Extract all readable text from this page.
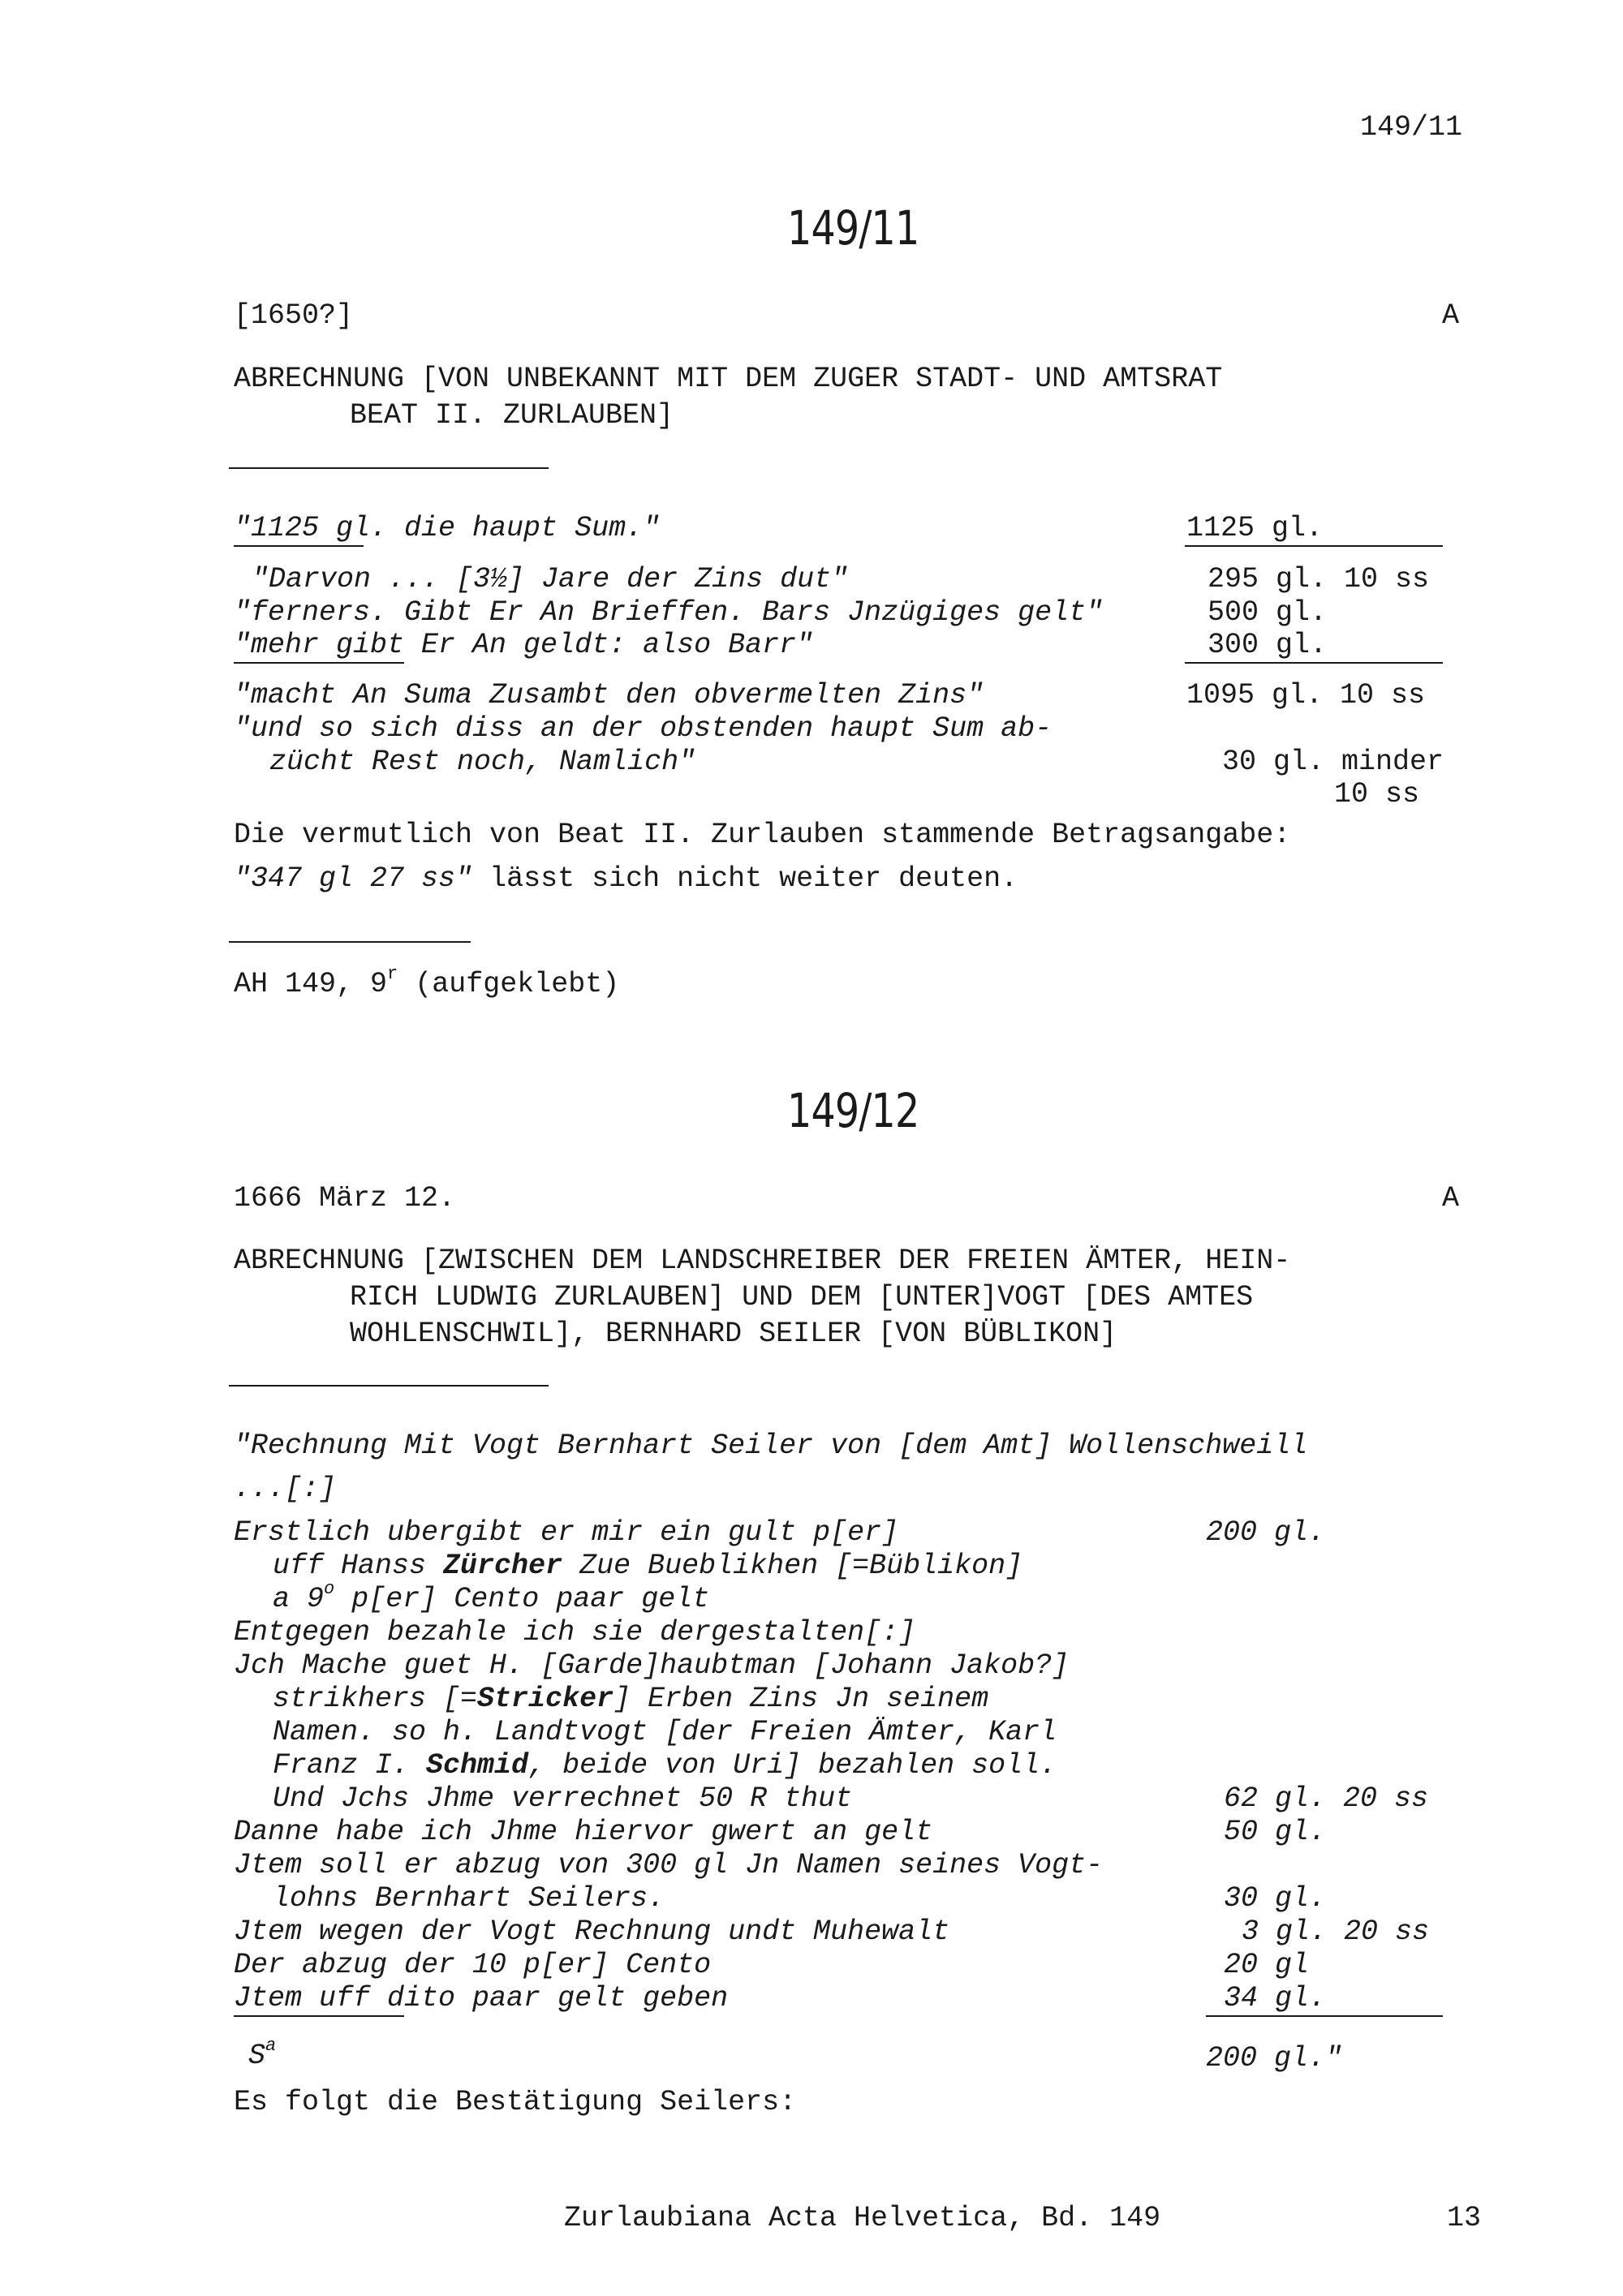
149/11
149/11
[1650?]	A
ABRECHNUNG [VON UNBEKANNT MIT DEM ZUGER STADT- UND AMTSRAT
BEAT II. ZURLAUBEN]
"1125 gl. die haupt Sum."	1125 gl.
"Darvon ... [3½] Jare der Zins dut"	295 gl. 10 ss
"ferners. Gibt Er An Brieffen. Bars Jnzügiges gelt"	500 gl.
"mehr gibt Er An geldt: also Barr"	300 gl.
"macht An Suma Zusambt den obvermelten Zins"	1095 gl. 10 ss
"und so sich diss an der obstenden haupt Sum ab-
zücht Rest noch, Namlich"	30 gl. minder
10 ss
Die vermutlich von Beat II. Zurlauben stammende Betragsangabe:
"347 gl 27 ss" lässt sich nicht weiter deuten.
AH 149, 9$^r$ (aufgeklebt)
149/12
1666 März 12.	A
ABRECHNUNG [ZWISCHEN DEM LANDSCHREIBER DER FREIEN ÄMTER, HEIN-
RICH LUDWIG ZURLAUBEN] UND DEM [UNTER]VOGT [DES AMTES
WOHLENSCHWIL], BERNHARD SEILER [VON BÜBLIKON]
"Rechnung Mit Vogt Bernhart Seiler von [dem Amt] Wollenschweill
...[:]
Erstlich ubergibt er mir ein gult p[er]	200 gl.
uff Hanss Zürcher Zue Bueblikhen [=Büblikon]
a 9$^o$ p[er] Cento paar gelt
Entgegen bezahle ich sie dergestalten[:]
Jch Mache guet H. [Garde]haubtman [Johann Jakob?]
strikhers [=Stricker] Erben Zins Jn seinem
Namen. so h. Landtvogt [der Freien Ämter, Karl
Franz I. Schmid, beide von Uri] bezahlen soll.
Und Jchs Jhme verrechnet 50 R thut	62 gl. 20 ss
Danne habe ich Jhme hiervor gwert an gelt	50 gl.
Jtem soll er abzug von 300 gl Jn Namen seines Vogt-
lohns Bernhart Seilers.	30 gl.
Jtem wegen der Vogt Rechnung undt Muhewalt	3 gl. 20 ss
Der abzug der 10 p[er] Cento	20 gl
Jtem uff dito paar gelt geben	34 gl.
$S^a$	200 gl."
Es folgt die Bestätigung Seilers:
Zurlaubiana Acta Helvetica, Bd. 149	13
